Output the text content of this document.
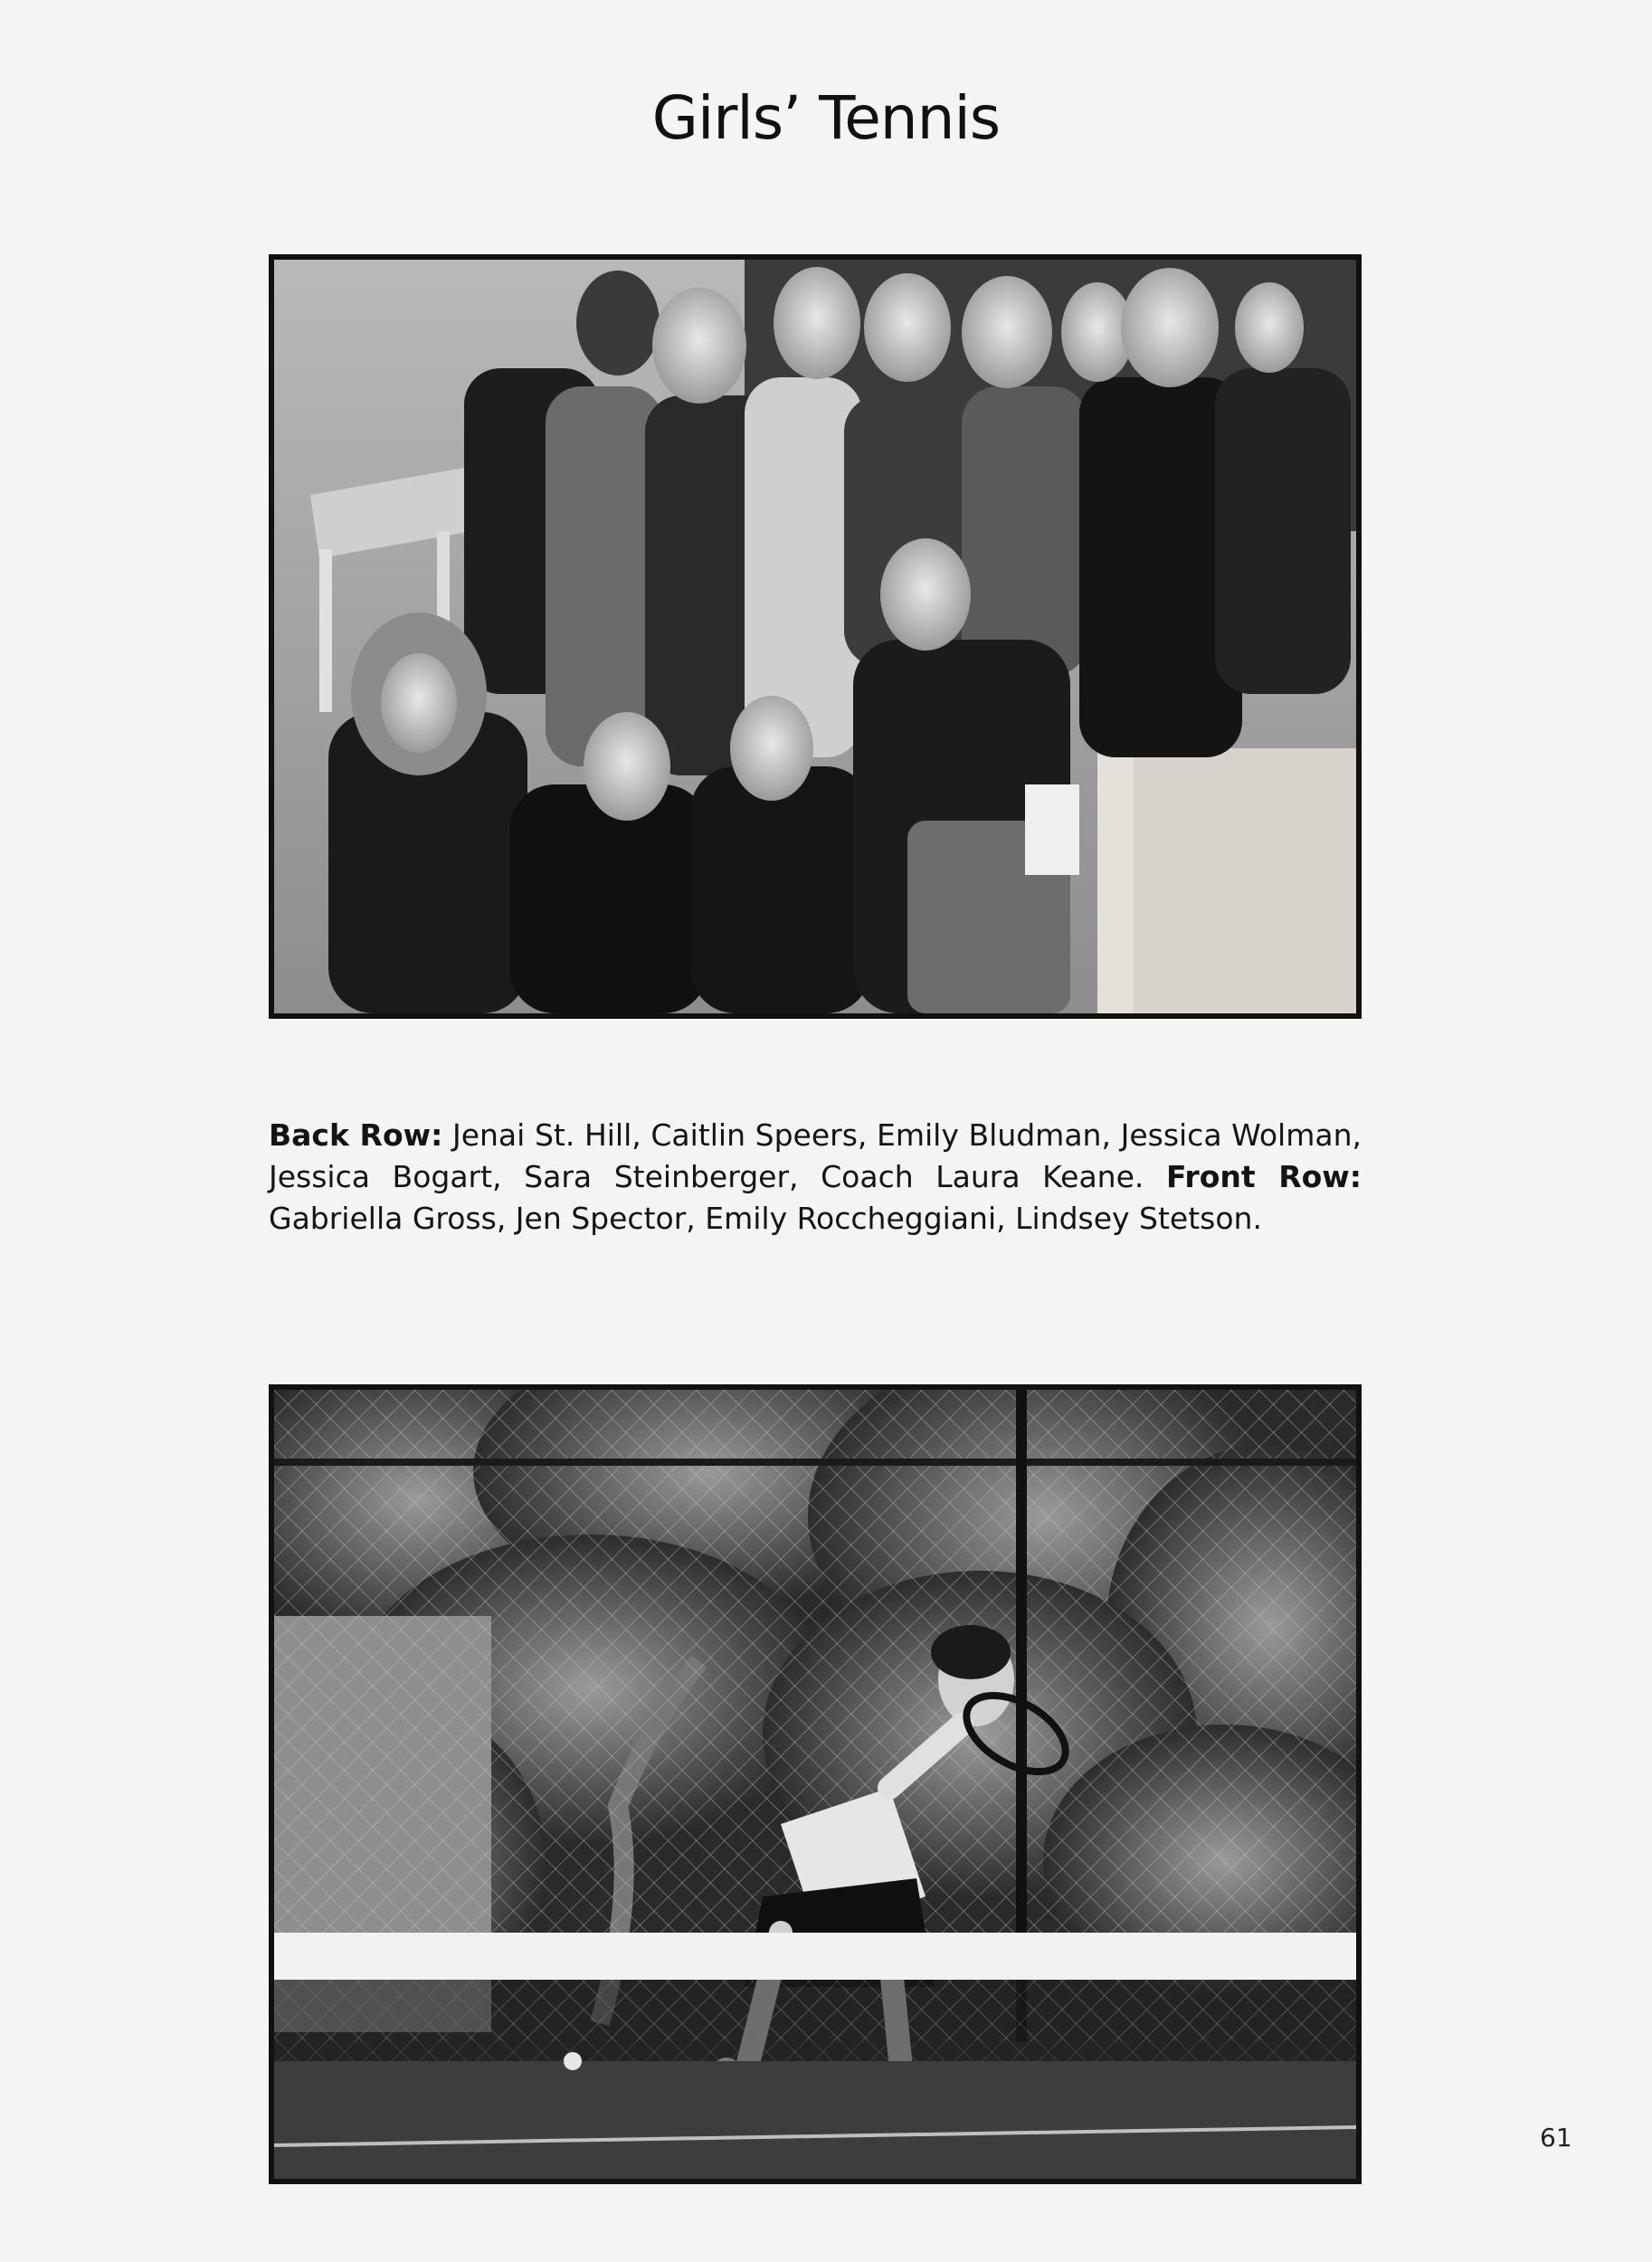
Girls’ Tennis

Back Row: Jenai St. Hill, Caitlin Speers, Emily Bludman, Jessica Wolman, Jessica Bogart, Sara Steinberger, Coach Laura Keane. Front Row: Gabriella Gross, Jen Spector, Emily Roccheggiani, Lindsey Stetson.

61
